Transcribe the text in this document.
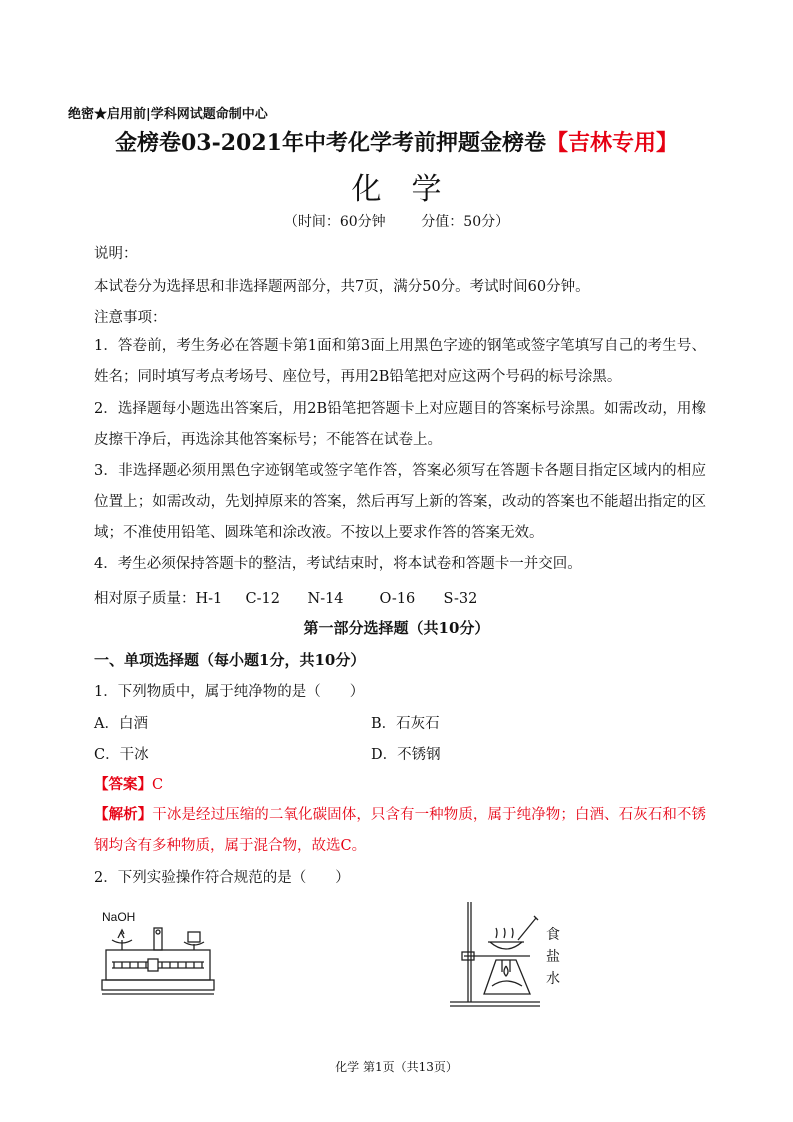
绝密★启用前|学科网试题命制中心
金榜卷03-2021年中考化学考前押题金榜卷【吉林专用】
化学
（时间：60分钟	分值：50分）
说明：
本试卷分为选择思和非选择题两部分，共7页，满分50分。考试时间60分钟。
注意事项：
1．答卷前，考生务必在答题卡第1面和第3面上用黑色字迹的钢笔或签字笔填写自己的考生号、姓名；同时填写考点考场号、座位号，再用2B铅笔把对应这两个号码的标号涂黑。
2．选择题每小题选出答案后，用2B铅笔把答题卡上对应题目的答案标号涂黑。如需改动，用橡皮擦干净后，再选涂其他答案标号；不能答在试卷上。
3．非选择题必须用黑色字迹钢笔或签字笔作答，答案必须写在答题卡各题目指定区域内的相应位置上；如需改动，先划掉原来的答案，然后再写上新的答案，改动的答案也不能超出指定的区域；不准使用铅笔、圆珠笔和涂改液。不按以上要求作答的答案无效。
4．考生必须保持答题卡的整洁，考试结束时，将本试卷和答题卡一并交回。
相对原子质量：H-1 C-12 N-14 O-16 S-32
第一部分选择题（共10分）
一、单项选择题（每小题1分，共10分）
1．下列物质中，属于纯净物的是（　　）
A．白酒	B．石灰石
C．干冰	D．不锈钢
【答案】C
【解析】干冰是经过压缩的二氧化碳固体，只含有一种物质，属于纯净物；白酒、石灰石和不锈钢均含有多种物质，属于混合物，故选C。
2．下列实验操作符合规范的是（　　）
NaOH
食
盐
水
化学 第1页（共13页）
